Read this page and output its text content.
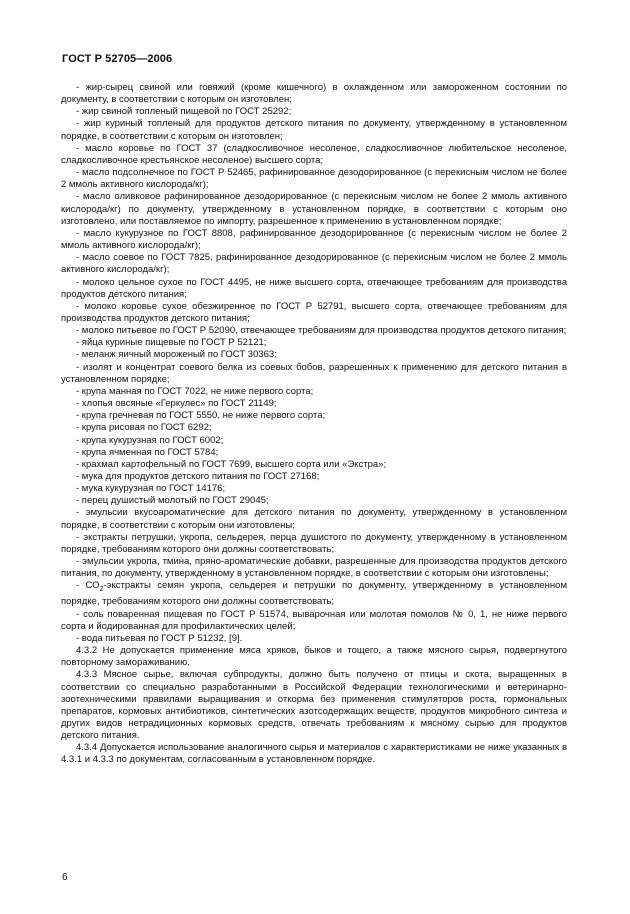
ГОСТ Р 52705—2006

- жир-сырец свиной или говяжий (кроме кишечного) в охлажденном или замороженном состоянии по документу, в соответствии с которым он изготовлен;

- жир свиной топленый пищевой по ГОСТ 25292;

- жир куриный топленый для продуктов детского питания по документу, утвержденному в установленном порядке, в соответствии с которым он изготовлен;

- масло коровье по ГОСТ 37 (сладкосливочное несоленое, сладкосливочное любительское несоленое, сладкосливочное крестьянское несоленое) высшего сорта;

- масло подсолнечное по ГОСТ Р 52465, рафинированное дезодорированное (с перекисным числом не более 2 ммоль активного кислорода/кг);

- масло оливковое рафинированное дезодорированное (с перекисным числом не более 2 ммоль активного кислорода/кг) по документу, утвержденному в установленном порядке, в соответствии с которым оно изготовлено, или поставляемое по импорту, разрешенное к применению в установленном порядке;

- масло кукурузное по ГОСТ 8808, рафинированное дезодорированное (с перекисным числом не более 2 ммоль активного кислорода/кг);

- масло соевое по ГОСТ 7825, рафинированное дезодорированное (с перекисным числом не более 2 ммоль активного кислорода/кг);

- молоко цельное сухое по ГОСТ 4495, не ниже высшего сорта, отвечающее требованиям для производства продуктов детского питания;

- молоко коровье сухое обезжиренное по ГОСТ Р 52791, высшего сорта, отвечающее требованиям для производства продуктов детского питания;

- молоко питьевое по ГОСТ Р 52090, отвечающее требованиям для производства продуктов детского питания;

- яйца куриные пищевые по ГОСТ Р 52121;

- меланж яичный мороженый по ГОСТ 30363;

- изолят и концентрат соевого белка из соевых бобов, разрешенных к применению для детского питания в установленном порядке;

- крупа манная по ГОСТ 7022, не ниже первого сорта;

- хлопья овсяные «Геркулес» по ГОСТ 21149;

- крупа гречневая по ГОСТ 5550, не ниже первого сорта;

- крупа рисовая по ГОСТ 6292;

- крупа кукурузная по ГОСТ 6002;

- крупа ячменная по ГОСТ 5784;

- крахмал картофельный по ГОСТ 7699, высшего сорта или «Экстра»;

- мука для продуктов детского питания по ГОСТ 27168;

- мука кукурузная по ГОСТ 14176;

- перец душистый молотый по ГОСТ 29045;

- эмульсии вкусоароматические для детского питания по документу, утвержденному в установленном порядке, в соответствии с которым они изготовлены;

- экстракты петрушки, укропа, сельдерея, перца душистого по документу, утвержденному в установленном порядке, требованиям которого они должны соответствовать;

- эмульсии укропа, тмина, пряно-ароматические добавки, разрешенные для производства продуктов детского питания, по документу, утвержденному в установленном порядке, в соответствии с которым они изготовлены;

- $СО_2$-экстракты семян укропа, сельдерея и петрушки по документу, утвержденному в установленном порядке, требованиям которого они должны соответствовать;

- соль поваренная пищевая по ГОСТ Р 51574, выварочная или молотая помолов № 0, 1, не ниже первого сорта и йодированная для профилактических целей;

- вода питьевая по ГОСТ Р 51232, [9].

4.3.2 Не допускается применение мяса хряков, быков и тощего, а также мясного сырья, подвергнутого повторному замораживанию.

4.3.3 Мясное сырье, включая субпродукты, должно быть получено от птицы и скота, выращенных в соответствии со специально разработанными в Российской Федерации технологическими и ветеринарно-зоотехническими правилами выращивания и откорма без применения стимуляторов роста, гормональных препаратов, кормовых антибиотиков, синтетических азотсодержащих веществ, продуктов микробного синтеза и других видов нетрадиционных кормовых средств, отвечать требованиям к мясному сырью для продуктов детского питания.

4.3.4 Допускается использование аналогичного сырья и материалов с характеристиками не ниже указанных в 4.3.1 и 4.3.3 по документам, согласованным в установленном порядке.

6
